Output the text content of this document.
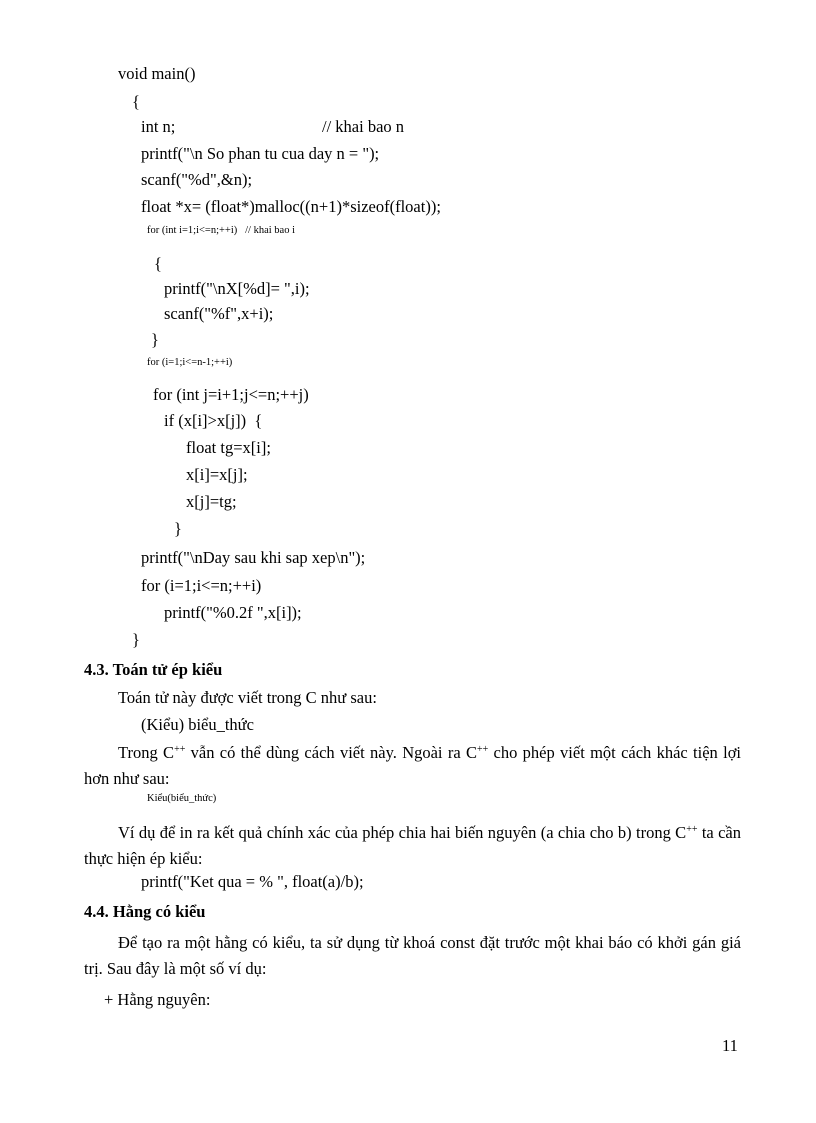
void main()
{
int n;	// khai bao n
printf("\n So phan tu cua day n = ");
scanf("%d",&n);
float *x= (float*)malloc((n+1)*sizeof(float));
for (int i=1;i<=n;++i)   // khai bao i
{
printf("\nX[%d]= ",i);
scanf("%f",x+i);
}
for (i=1;i<=n-1;++i)
for (int j=i+1;j<=n;++j)
if (x[i]>x[j])  {
float tg=x[i];
x[i]=x[j];
x[j]=tg;
}
printf("\nDay sau khi sap xep\n");
for (i=1;i<=n;++i)
printf("%0.2f ",x[i]);
}
4.3. Toán tử ép kiểu
Toán tử này được viết trong C như sau:
(Kiểu) biểu_thức
Trong C++ vẫn có thể dùng cách viết này. Ngoài ra C++ cho phép viết một cách khác tiện lợi hơn như sau:
Kiểu(biểu_thức)
Ví dụ để in ra kết quả chính xác của phép chia hai biến nguyên (a chia cho b) trong C++ ta cần thực hiện ép kiểu:
printf("Ket qua = % ", float(a)/b);
4.4. Hằng có kiểu
Để tạo ra một hằng có kiểu, ta sử dụng từ khoá const đặt trước một khai báo có khởi gán giá trị. Sau đây là một số ví dụ:
+ Hằng nguyên:
11
